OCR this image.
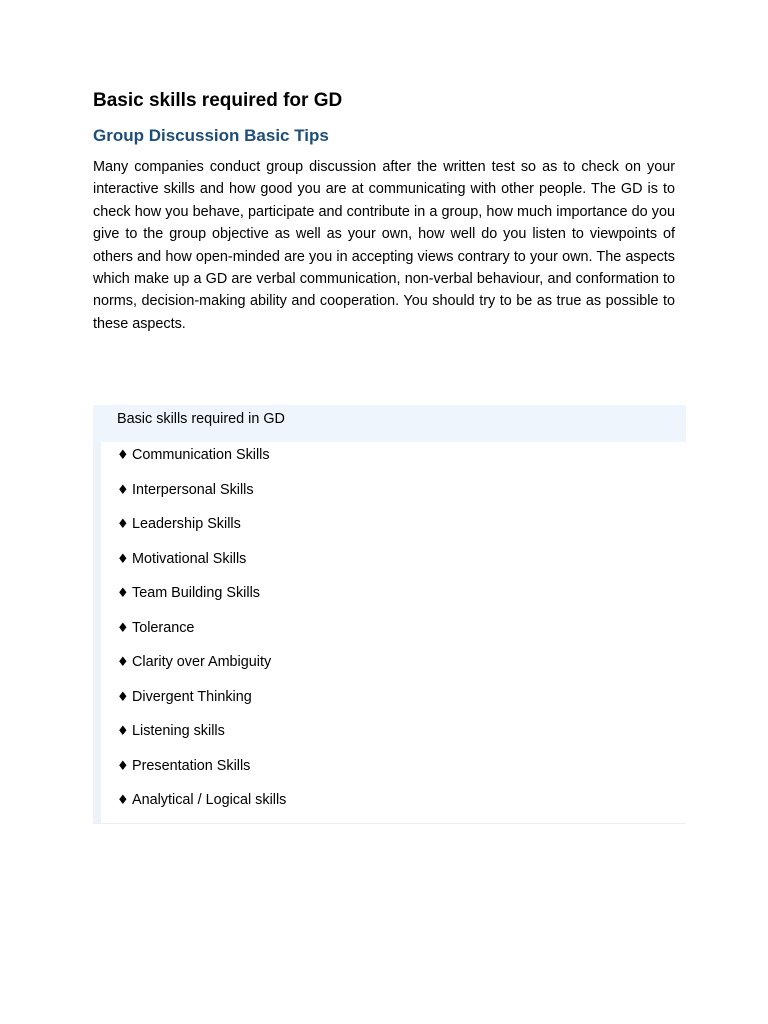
Basic skills required for GD
Group Discussion Basic Tips

Many companies conduct group discussion after the written test so as to check on your interactive skills and how good you are at communicating with other people. The GD is to check how you behave, participate and contribute in a group, how much importance do you give to the group objective as well as your own, how well do you listen to viewpoints of others and how open-minded are you in accepting views contrary to your own. The aspects which make up a GD are verbal communication, non-verbal behaviour, and conformation to norms, decision-making ability and cooperation. You should try to be as true as possible to these aspects.

Basic skills required in GD
♦ Communication Skills
♦ Interpersonal Skills
♦ Leadership Skills
♦ Motivational Skills
♦ Team Building Skills
♦ Tolerance
♦ Clarity over Ambiguity
♦ Divergent Thinking
♦ Listening skills
♦ Presentation Skills
♦ Analytical / Logical skills
